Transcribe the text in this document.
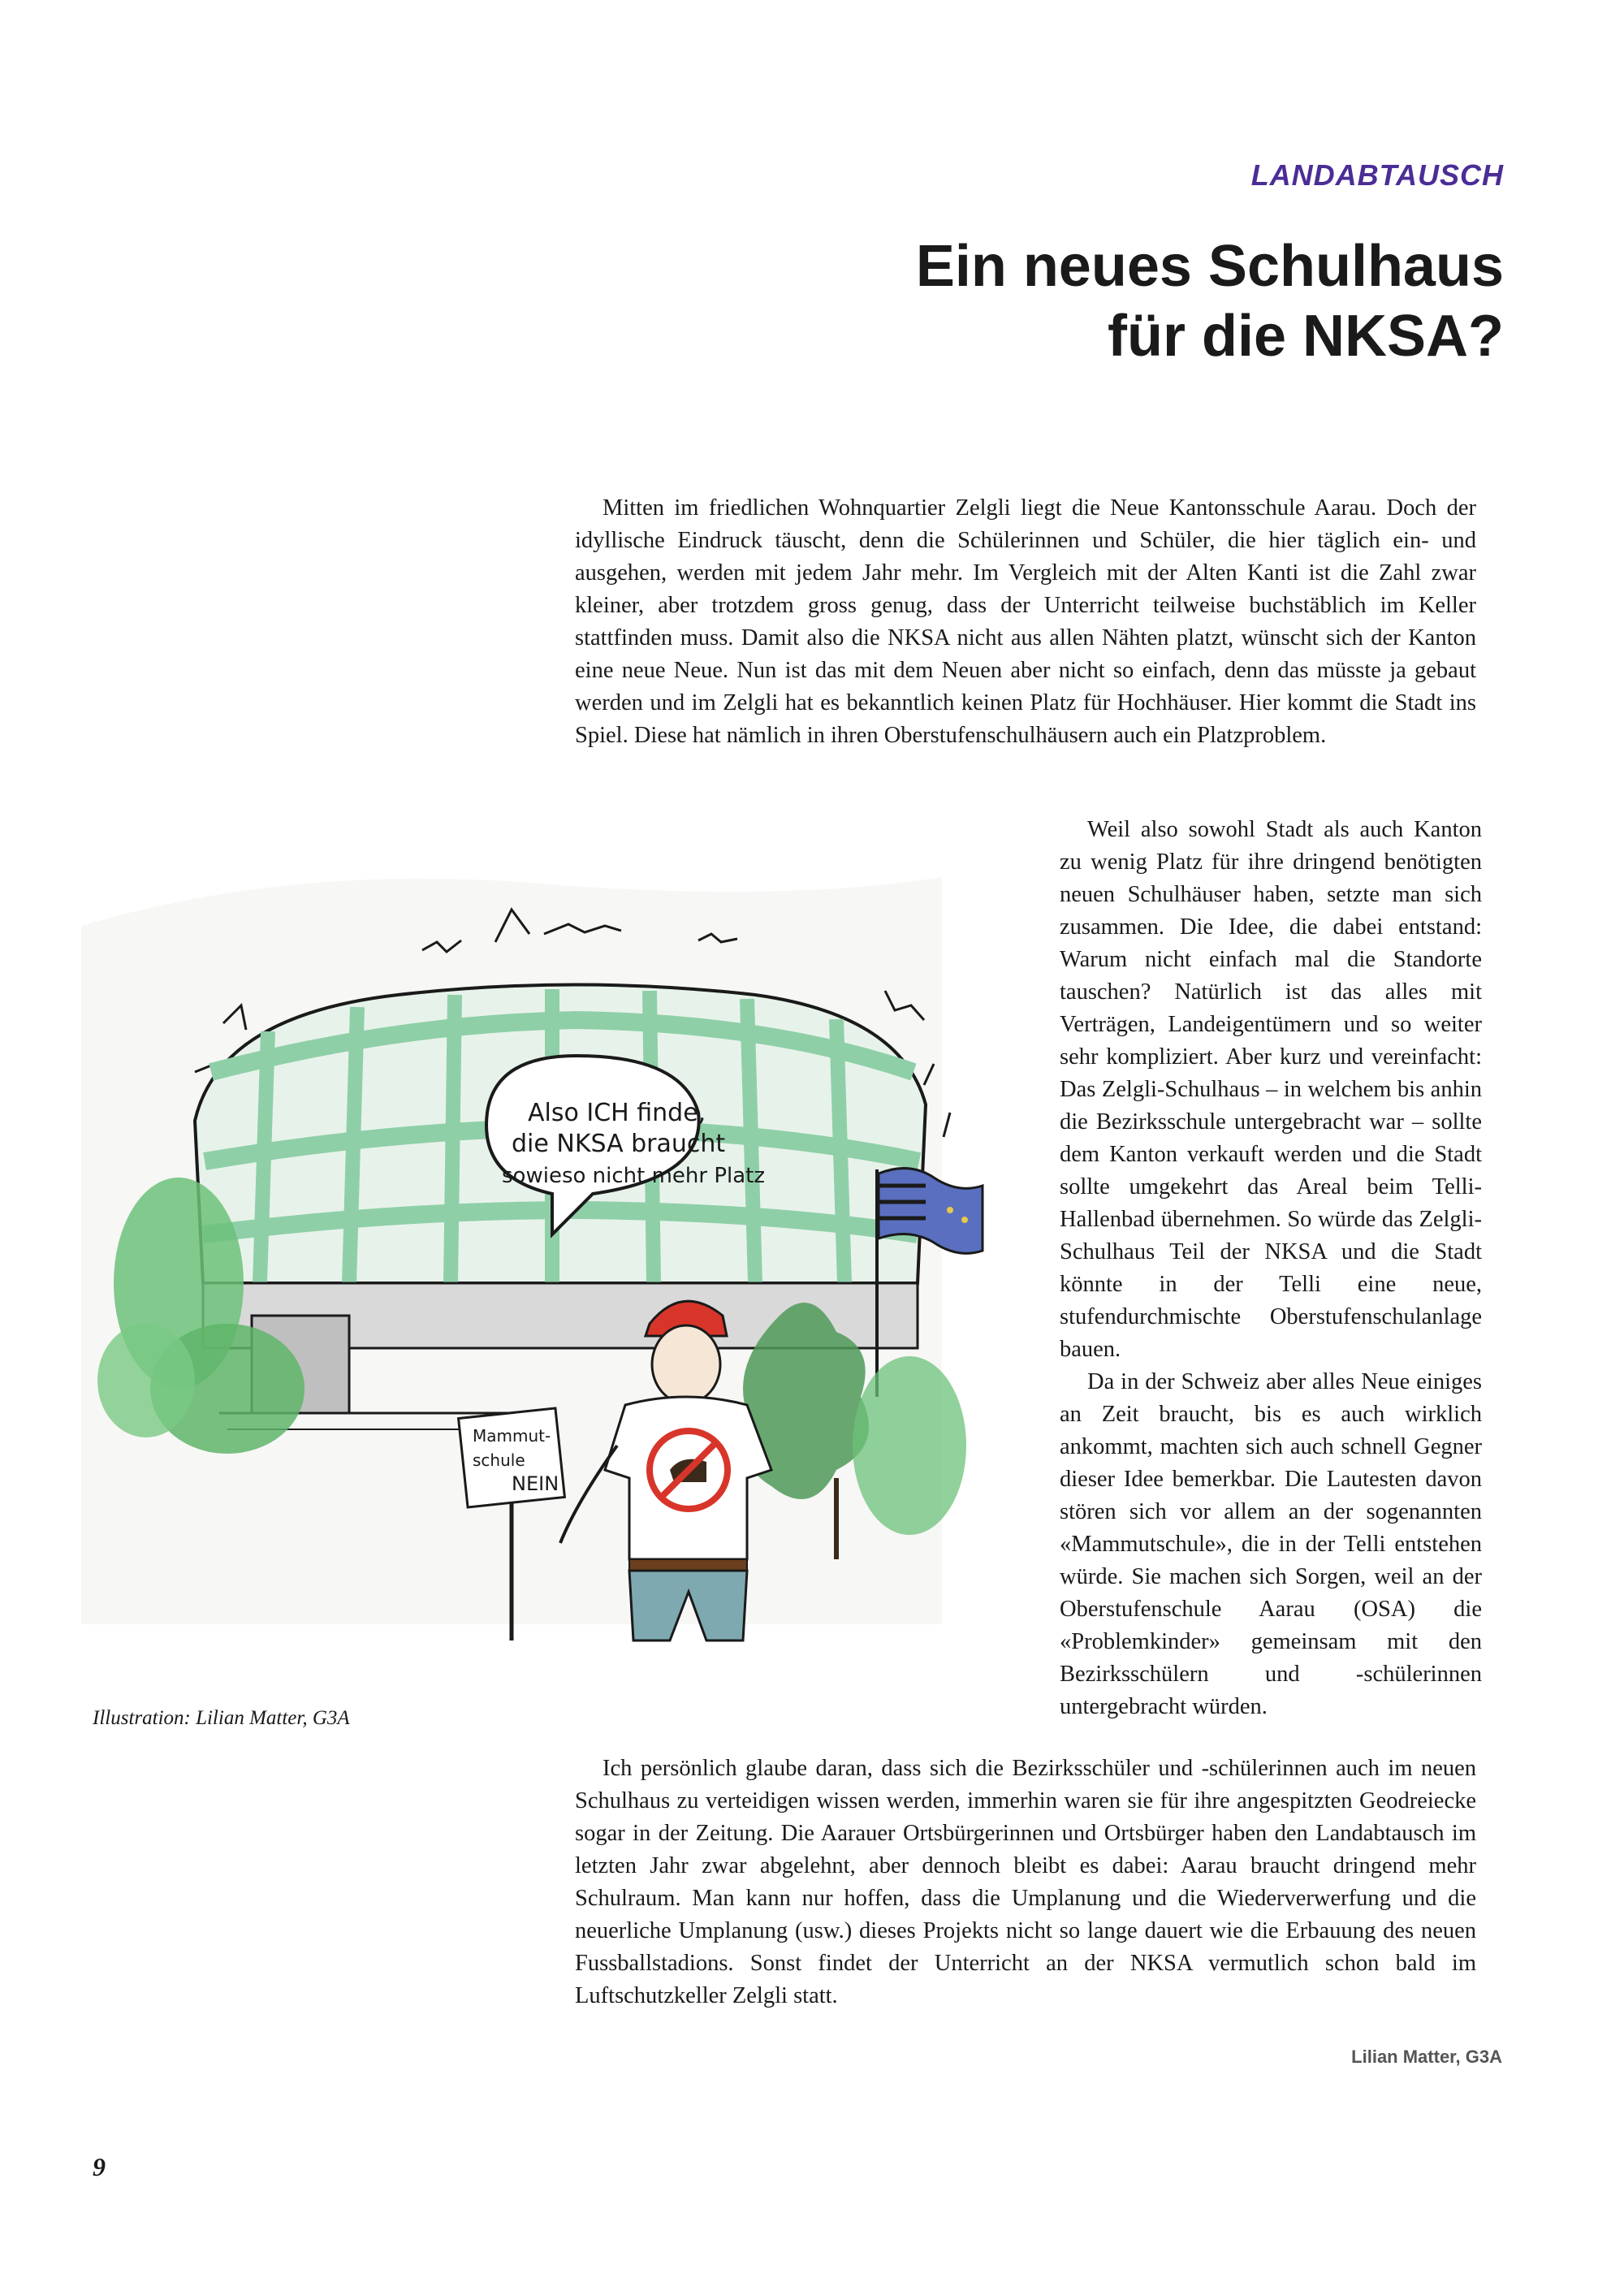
LANDABTAUSCH
Ein neues Schulhaus
für die NKSA?

Mitten im friedlichen Wohnquartier Zelgli liegt die Neue Kantonsschule Aarau. Doch der idyllische Eindruck täuscht, denn die Schülerinnen und Schüler, die hier täglich ein- und ausgehen, werden mit jedem Jahr mehr. Im Vergleich mit der Alten Kanti ist die Zahl zwar kleiner, aber trotzdem gross genug, dass der Unterricht teilweise buchstäblich im Keller stattfinden muss. Damit also die NKSA nicht aus allen Nähten platzt, wünscht sich der Kanton eine neue Neue. Nun ist das mit dem Neuen aber nicht so einfach, denn das müsste ja gebaut werden und im Zelgli hat es bekanntlich keinen Platz für Hochhäuser. Hier kommt die Stadt ins Spiel. Diese hat nämlich in ihren Oberstufenschulhäusern auch ein Platzproblem.

Also ICH finde,
die NKSA braucht
sowieso nicht mehr Platz
Mammut-
schule
NEIN
Illustration: Lilian Matter, G3A

Weil also sowohl Stadt als auch Kanton zu wenig Platz für ihre dringend benötigten neuen Schulhäuser haben, setzte man sich zusammen. Die Idee, die dabei entstand: Warum nicht einfach mal die Standorte tauschen? Natürlich ist das alles mit Verträgen, Landeigentümern und so weiter sehr kompliziert. Aber kurz und vereinfacht: Das Zelgli-Schulhaus – in welchem bis anhin die Bezirksschule untergebracht war – sollte dem Kanton verkauft werden und die Stadt sollte umgekehrt das Areal beim Telli-Hallenbad übernehmen. So würde das Zelgli-Schulhaus Teil der NKSA und die Stadt könnte in der Telli eine neue, stufendurchmischte Oberstufenschulanlage bauen.

Da in der Schweiz aber alles Neue einiges an Zeit braucht, bis es auch wirklich ankommt, machten sich auch schnell Gegner dieser Idee bemerkbar. Die Lautesten davon stören sich vor allem an der sogenannten «Mammutschule», die in der Telli entstehen würde. Sie machen sich Sorgen, weil an der Oberstufenschule Aarau (OSA) die «Problemkinder» gemeinsam mit den Bezirksschülern und -schülerinnen untergebracht würden.

Ich persönlich glaube daran, dass sich die Bezirksschüler und -schülerinnen auch im neuen Schulhaus zu verteidigen wissen werden, immerhin waren sie für ihre angespitzten Geodreiecke sogar in der Zeitung. Die Aarauer Ortsbürgerinnen und Ortsbürger haben den Landabtausch im letzten Jahr zwar abgelehnt, aber dennoch bleibt es dabei: Aarau braucht dringend mehr Schulraum. Man kann nur hoffen, dass die Umplanung und die Wiederverwerfung und die neuerliche Umplanung (usw.) dieses Projekts nicht so lange dauert wie die Erbauung des neuen Fussballstadions. Sonst findet der Unterricht an der NKSA vermutlich schon bald im Luftschutzkeller Zelgli statt.

Lilian Matter, G3A
9
